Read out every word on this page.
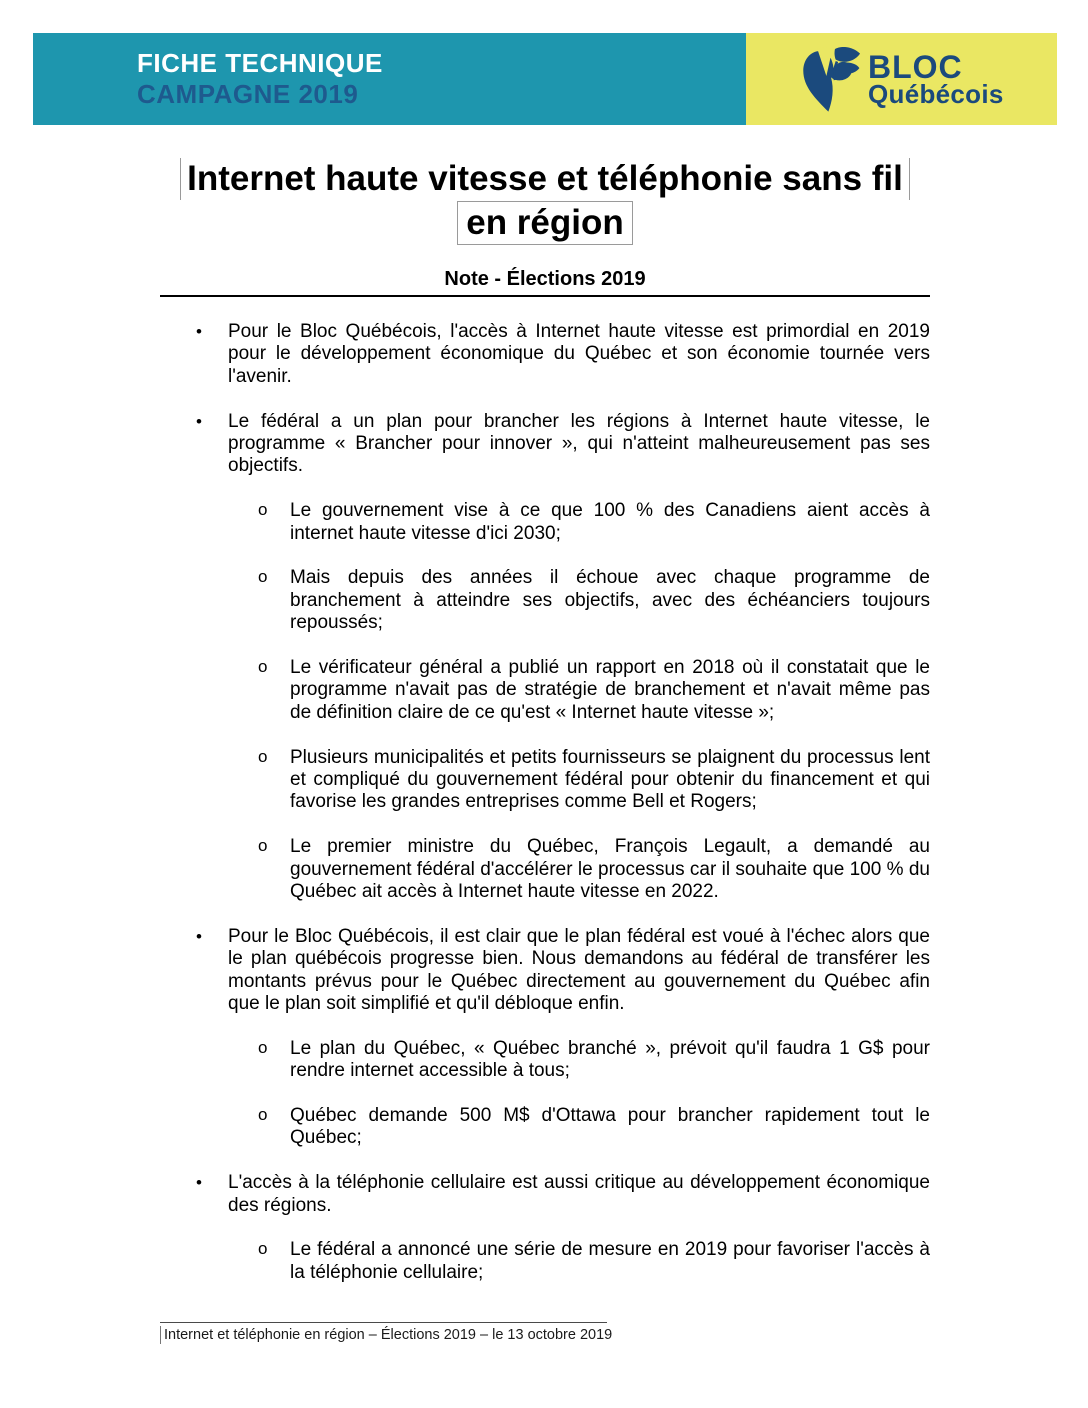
FICHE TECHNIQUE
CAMPAGNE 2019
BLOC
Québécois
Internet haute vitesse et téléphonie sans fil
en région
Note - Élections 2019
• Pour le Bloc Québécois, l'accès à Internet haute vitesse est primordial en 2019 pour le développement économique du Québec et son économie tournée vers l'avenir.
• Le fédéral a un plan pour brancher les régions à Internet haute vitesse, le programme « Brancher pour innover », qui n'atteint malheureusement pas ses objectifs.
o Le gouvernement vise à ce que 100 % des Canadiens aient accès à internet haute vitesse d'ici 2030;
o Mais depuis des années il échoue avec chaque programme de branchement à atteindre ses objectifs, avec des échéanciers toujours repoussés;
o Le vérificateur général a publié un rapport en 2018 où il constatait que le programme n'avait pas de stratégie de branchement et n'avait même pas de définition claire de ce qu'est « Internet haute vitesse »;
o Plusieurs municipalités et petits fournisseurs se plaignent du processus lent et compliqué du gouvernement fédéral pour obtenir du financement et qui favorise les grandes entreprises comme Bell et Rogers;
o Le premier ministre du Québec, François Legault, a demandé au gouvernement fédéral d'accélérer le processus car il souhaite que 100 % du Québec ait accès à Internet haute vitesse en 2022.
• Pour le Bloc Québécois, il est clair que le plan fédéral est voué à l'échec alors que le plan québécois progresse bien. Nous demandons au fédéral de transférer les montants prévus pour le Québec directement au gouvernement du Québec afin que le plan soit simplifié et qu'il débloque enfin.
o Le plan du Québec, « Québec branché », prévoit qu'il faudra 1 G$ pour rendre internet accessible à tous;
o Québec demande 500 M$ d'Ottawa pour brancher rapidement tout le Québec;
• L'accès à la téléphonie cellulaire est aussi critique au développement économique des régions.
o Le fédéral a annoncé une série de mesure en 2019 pour favoriser l'accès à la téléphonie cellulaire;
Internet et téléphonie en région – Élections 2019 – le 13 octobre 2019
